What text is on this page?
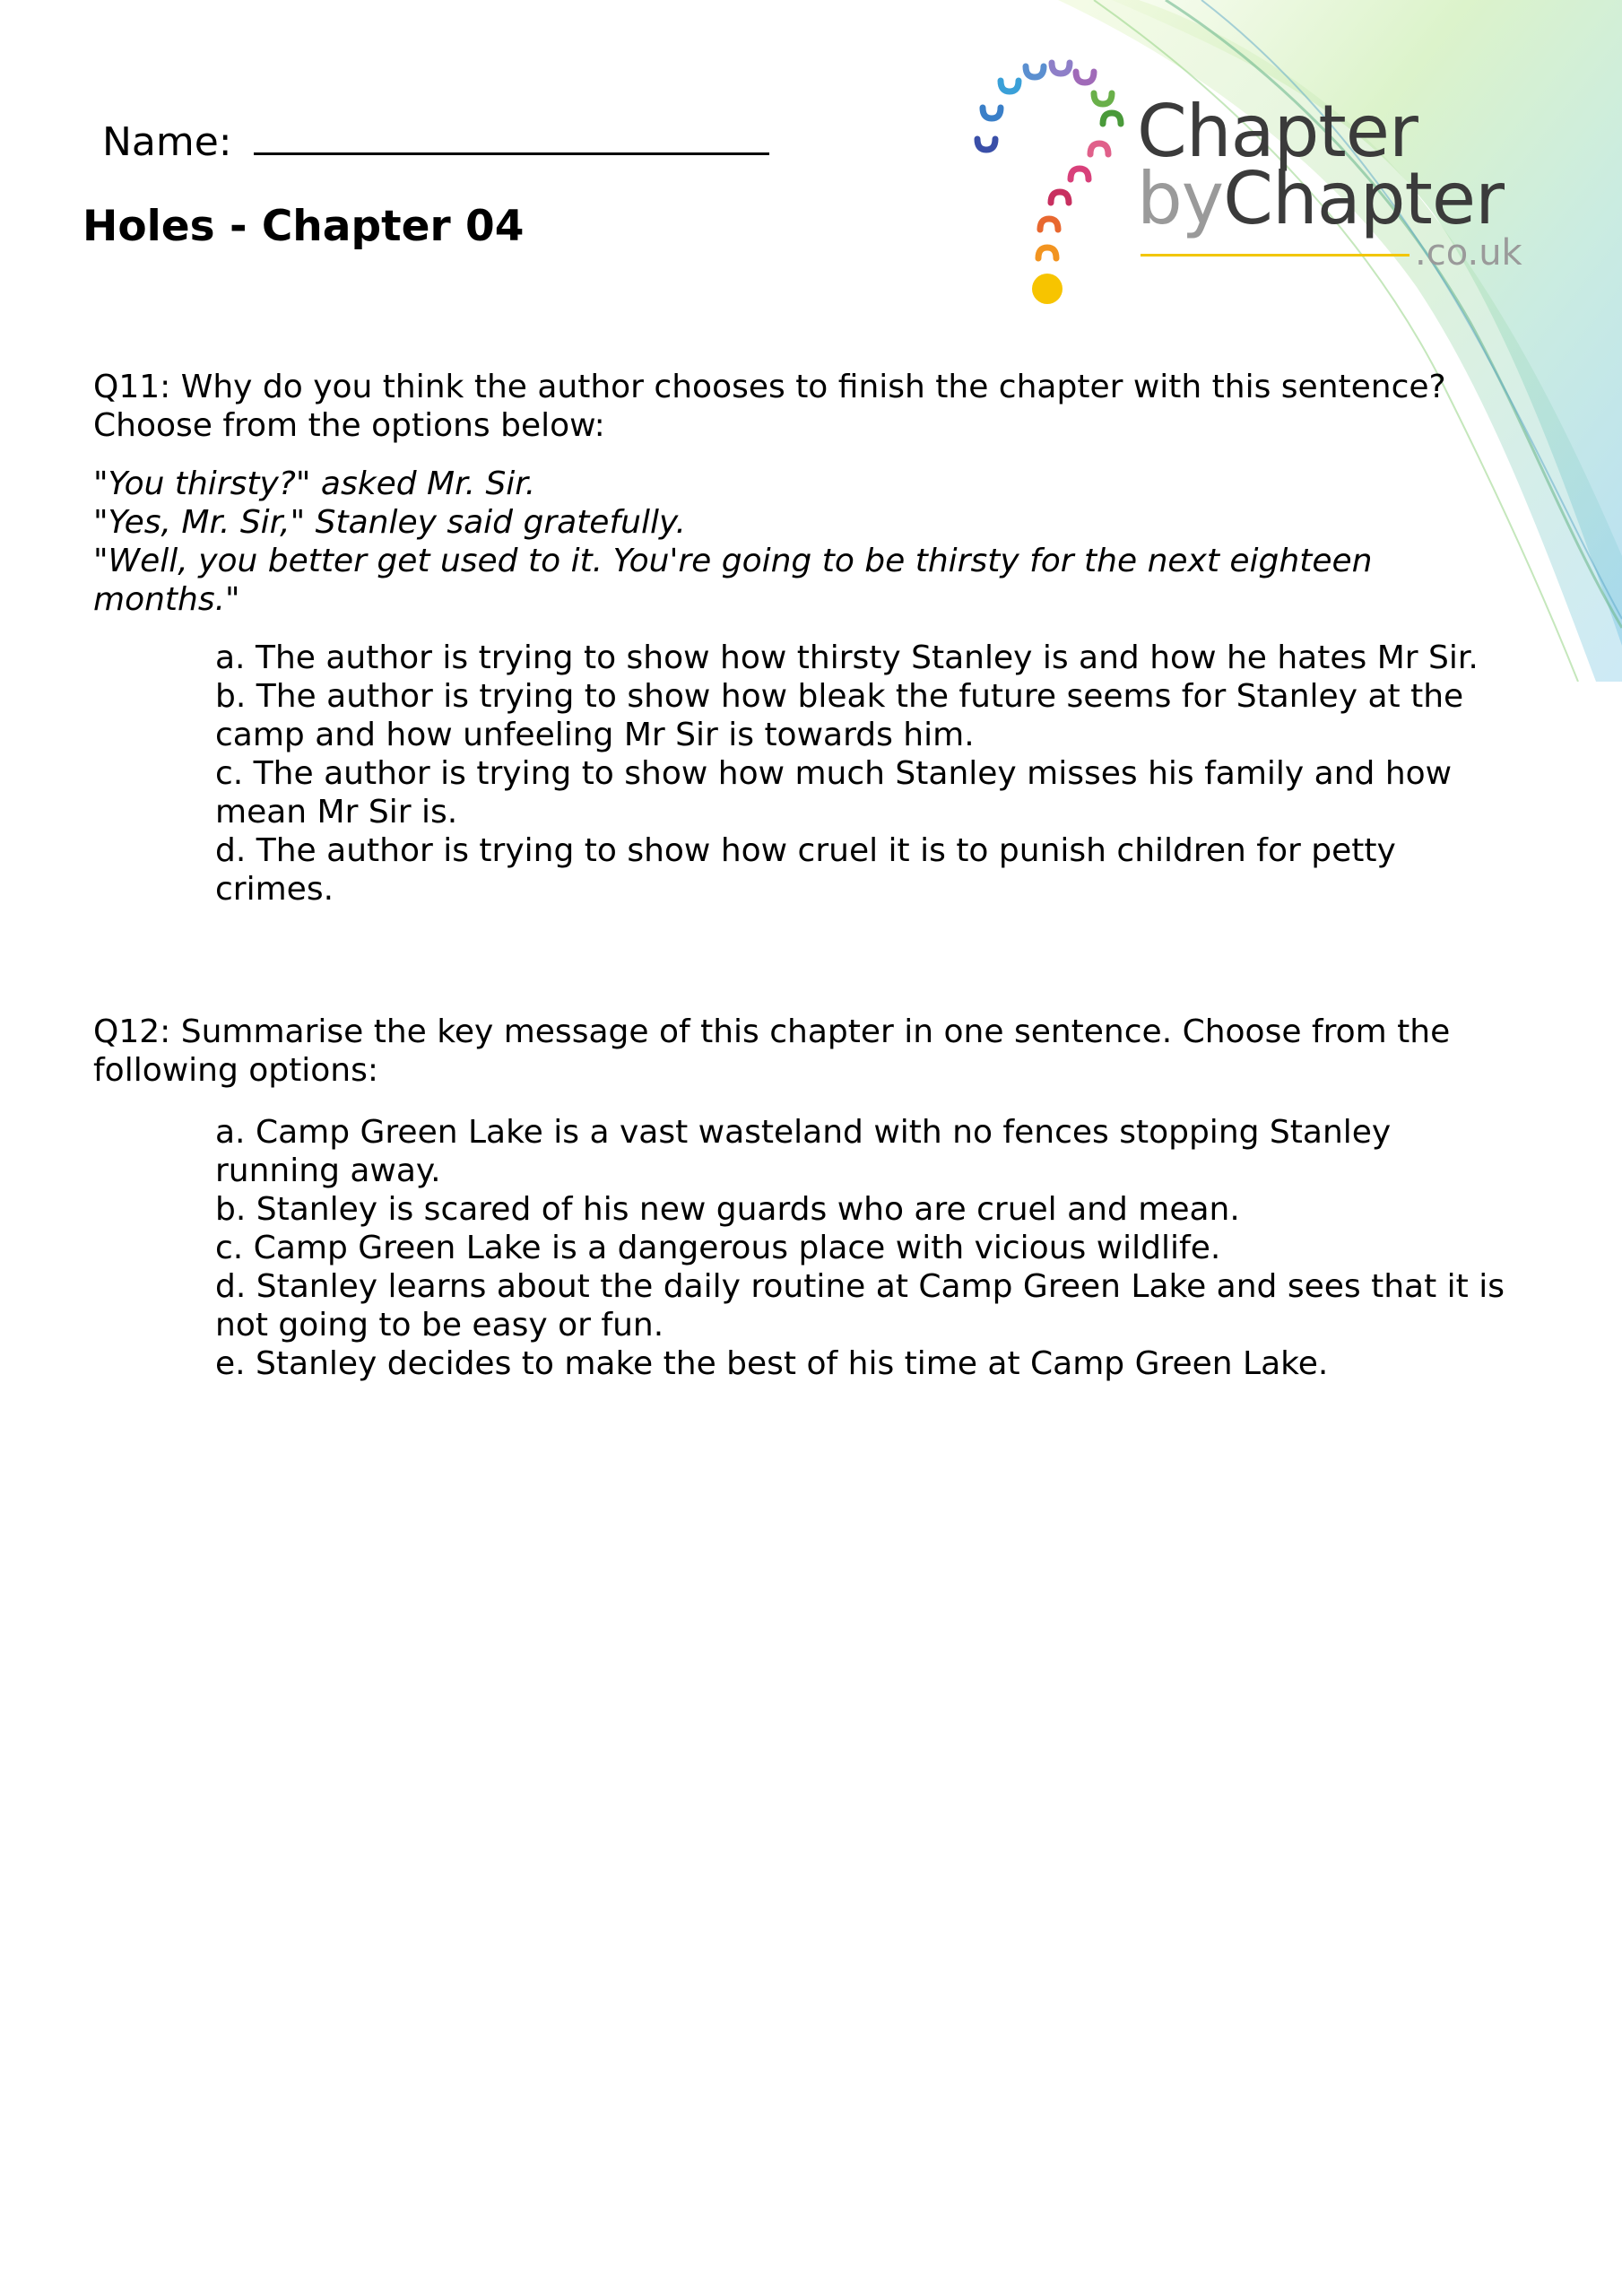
Name:
Holes - Chapter 04
Chapter
byChapter
.co.uk
Q11: Why do you think the author chooses to finish the chapter with this sentence?
Choose from the options below:
"You thirsty?" asked Mr. Sir.
"Yes, Mr. Sir," Stanley said gratefully.
"Well, you better get used to it. You're going to be thirsty for the next eighteen
months."
a. The author is trying to show how thirsty Stanley is and how he hates Mr Sir.
b. The author is trying to show how bleak the future seems for Stanley at the
camp and how unfeeling Mr Sir is towards him.
c. The author is trying to show how much Stanley misses his family and how
mean Mr Sir is.
d. The author is trying to show how cruel it is to punish children for petty
crimes.
Q12: Summarise the key message of this chapter in one sentence. Choose from the
following options:
a. Camp Green Lake is a vast wasteland with no fences stopping Stanley
running away.
b. Stanley is scared of his new guards who are cruel and mean.
c. Camp Green Lake is a dangerous place with vicious wildlife.
d. Stanley learns about the daily routine at Camp Green Lake and sees that it is
not going to be easy or fun.
e. Stanley decides to make the best of his time at Camp Green Lake.
